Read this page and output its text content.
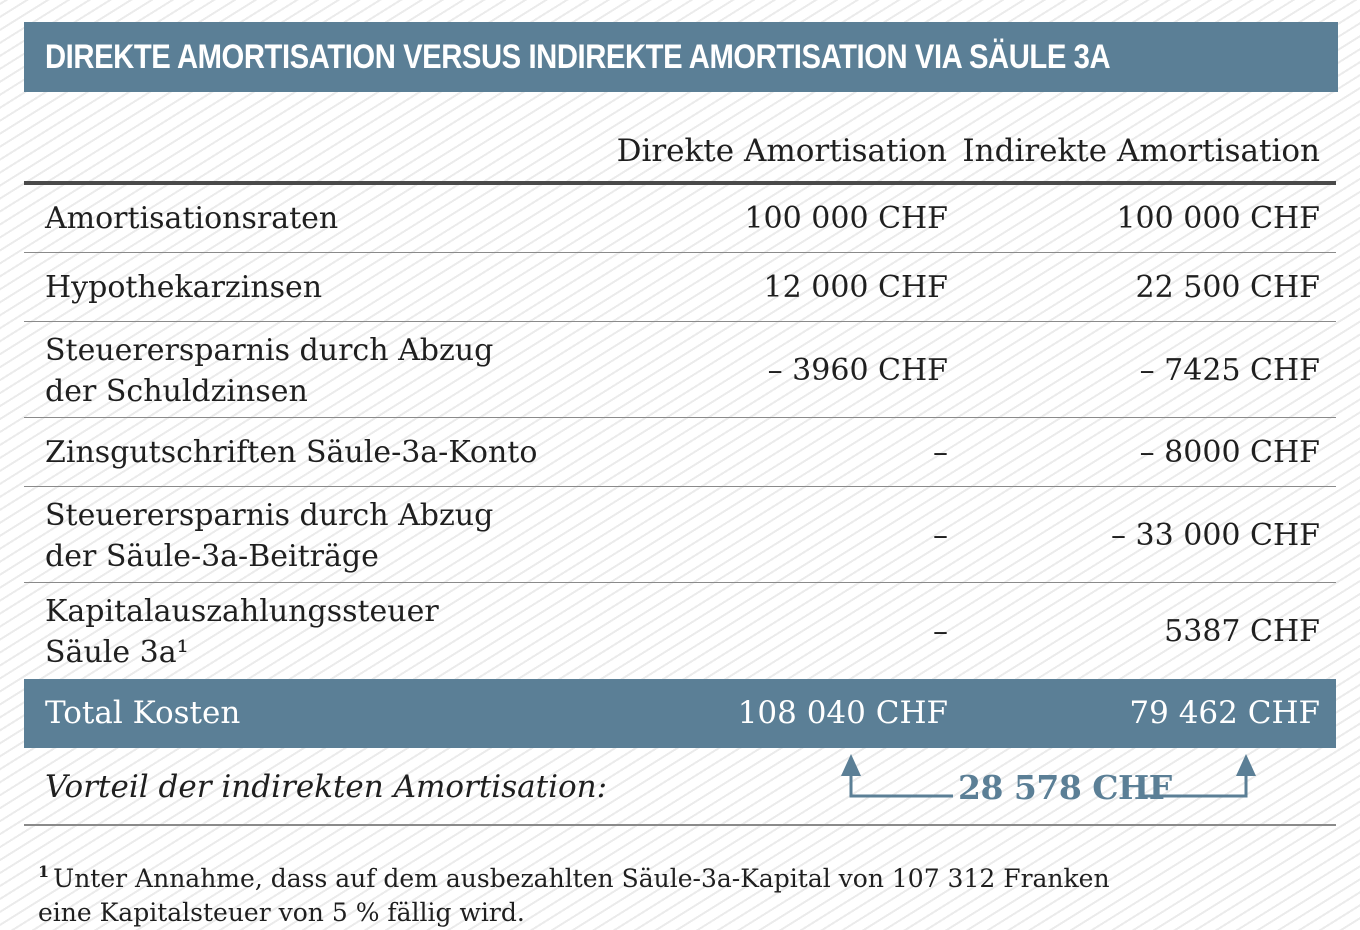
DIREKTE AMORTISATION VERSUS INDIREKTE AMORTISATION VIA SÄULE 3A
Direkte Amortisation Indirekte Amortisation
Amortisationsraten	100 000 CHF	100 000 CHF
Hypothekarzinsen	12 000 CHF	22 500 CHF
Steuerersparnis durch Abzug
der Schuldzinsen
– 3960 CHF	– 7425 CHF
Zinsgutschriften Säule-3a-Konto	–	– 8000 CHF
Steuerersparnis durch Abzug
der Säule-3a-Beiträge
–	– 33 000 CHF
Kapitalauszahlungssteuer
Säule 3a¹
–	5387 CHF
Total Kosten	108 040 CHF	79 462 CHF
Vorteil der indirekten Amortisation:	28 578 CHF
$^1$ Unter Annahme, dass auf dem ausbezahlten Säule-3a-Kapital von 107 312 Franken
eine Kapitalsteuer von 5 % fällig wird.
